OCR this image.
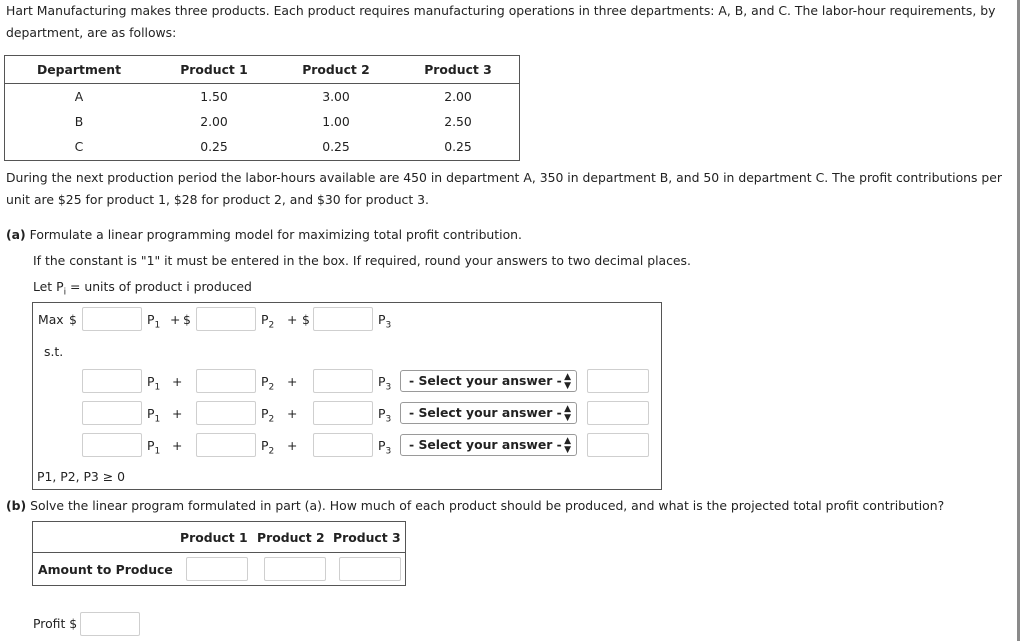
Hart Manufacturing makes three products. Each product requires manufacturing operations in three departments: A, B, and C. The labor-hour requirements, by department, are as follows:
Department	Product 1	Product 2	Product 3
A	1.50	3.00	2.00
B	2.00	1.00	2.50
C	0.25	0.25	0.25
During the next production period the labor-hours available are 450 in department A, 350 in department B, and 50 in department C. The profit contributions per unit are $25 for product 1, $28 for product 2, and $30 for product 3.
(a) Formulate a linear programming model for maximizing total profit contribution.
If the constant is "1" it must be entered in the box. If required, round your answers to two decimal places.
Let $P_i$ = units of product i produced
Max $	$P_1$ + $	$P_2$ + $	$P_3$
s.t.
$P_1$ +	$P_2$ +	$P_3$	- Select your answer - ▲
▼
$P_1$ +	$P_2$ +	$P_3$	- Select your answer - ▲
▼
$P_1$ +	$P_2$ +	$P_3$	- Select your answer - ▲
▼
P1, P2, P3 ≥ 0
(b) Solve the linear program formulated in part (a). How much of each product should be produced, and what is the projected total profit contribution?
Product 1 Product 2 Product 3
Amount to Produce
Profit $
